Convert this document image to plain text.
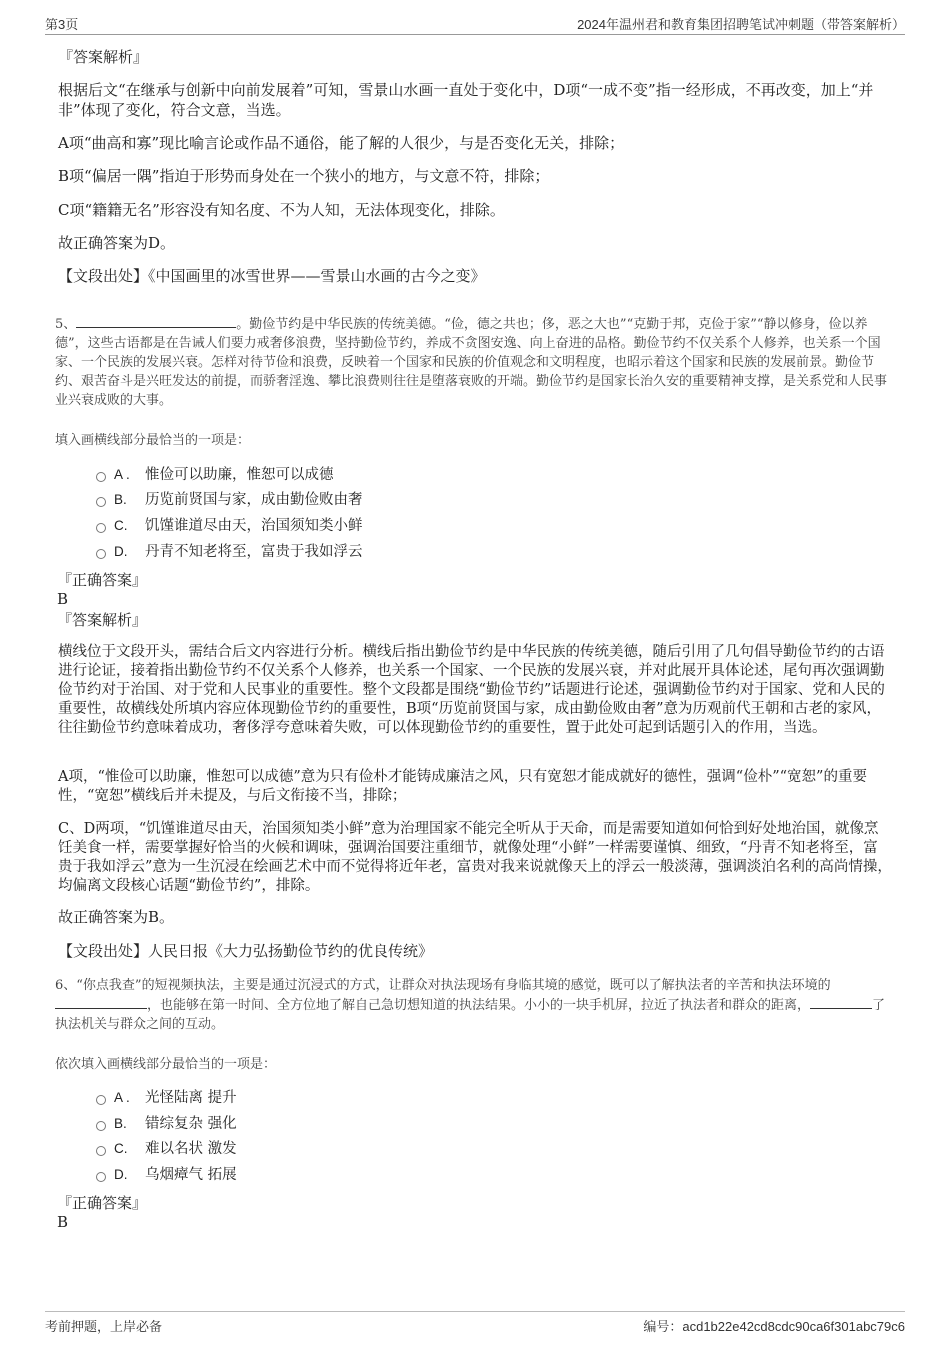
第3页	2024年温州君和教育集团招聘笔试冲刺题（带答案解析）

『答案解析』

根据后文“在继承与创新中向前发展着”可知，雪景山水画一直处于变化中，D项“一成不变”指一经形成，不再改变，加上“并非”体现了变化，符合文意，当选。

A项“曲高和寡”现比喻言论或作品不通俗，能了解的人很少，与是否变化无关，排除；

B项“偏居一隅”指迫于形势而身处在一个狭小的地方，与文意不符，排除；

C项“籍籍无名”形容没有知名度、不为人知，无法体现变化，排除。

故正确答案为D。

【文段出处】《中国画里的冰雪世界——雪景山水画的古今之变》

5、	。勤俭节约是中华民族的传统美德。“俭，德之共也；侈，恶之大也”“克勤于邦，克俭于家”“静以修身，俭以养德”，这些古语都是在告诫人们要力戒奢侈浪费，坚持勤俭节约，养成不贪图安逸、向上奋进的品格。勤俭节约不仅关系个人修养，也关系一个国家、一个民族的发展兴衰。怎样对待节俭和浪费，反映着一个国家和民族的价值观念和文明程度，也昭示着这个国家和民族的发展前景。勤俭节约、艰苦奋斗是兴旺发达的前提，而骄奢淫逸、攀比浪费则往往是堕落衰败的开端。勤俭节约是国家长治久安的重要精神支撑，是关系党和人民事业兴衰成败的大事。

填入画横线部分最恰当的一项是：

A . 惟俭可以助廉，惟恕可以成德
B. 历览前贤国与家，成由勤俭败由奢
C. 饥馑谁道尽由天，治国须知类小鲜
D. 丹青不知老将至，富贵于我如浮云
『正确答案』
B
『答案解析』

横线位于文段开头，需结合后文内容进行分析。横线后指出勤俭节约是中华民族的传统美德，随后引用了几句倡导勤俭节约的古语进行论证，接着指出勤俭节约不仅关系个人修养，也关系一个国家、一个民族的发展兴衰，并对此展开具体论述，尾句再次强调勤俭节约对于治国、对于党和人民事业的重要性。整个文段都是围绕“勤俭节约”话题进行论述，强调勤俭节约对于国家、党和人民的重要性，故横线处所填内容应体现勤俭节约的重要性，B项“历览前贤国与家，成由勤俭败由奢”意为历观前代王朝和古老的家风，往往勤俭节约意味着成功，奢侈浮夸意味着失败，可以体现勤俭节约的重要性，置于此处可起到话题引入的作用，当选。

A项，“惟俭可以助廉，惟恕可以成德”意为只有俭朴才能铸成廉洁之风，只有宽恕才能成就好的德性，强调“俭朴”“宽恕”的重要性，“宽恕”横线后并未提及，与后文衔接不当，排除；

C、D两项，“饥馑谁道尽由天，治国须知类小鲜”意为治理国家不能完全听从于天命，而是需要知道如何恰到好处地治国，就像烹饪美食一样，需要掌握好恰当的火候和调味，强调治国要注重细节，就像处理“小鲜”一样需要谨慎、细致，“丹青不知老将至，富贵于我如浮云”意为一生沉浸在绘画艺术中而不觉得将近年老，富贵对我来说就像天上的浮云一般淡薄，强调淡泊名利的高尚情操，均偏离文段核心话题“勤俭节约”，排除。

故正确答案为B。

【文段出处】人民日报《大力弘扬勤俭节约的优良传统》

6、“你点我查”的短视频执法，主要是通过沉浸式的方式，让群众对执法现场有身临其境的感觉，既可以了解执法者的辛苦和执法环境的，也能够在第一时间、全方位地了解自己急切想知道的执法结果。小小的一块手机屏，拉近了执法者和群众的距离，	了执法机关与群众之间的互动。

依次填入画横线部分最恰当的一项是：

A . 光怪陆离 提升
B. 错综复杂 强化
C. 难以名状 激发
D. 乌烟瘴气 拓展
『正确答案』
B
考前押题，上岸必备	编号：acd1b22e42cd8cdc90ca6f301abc79c6
